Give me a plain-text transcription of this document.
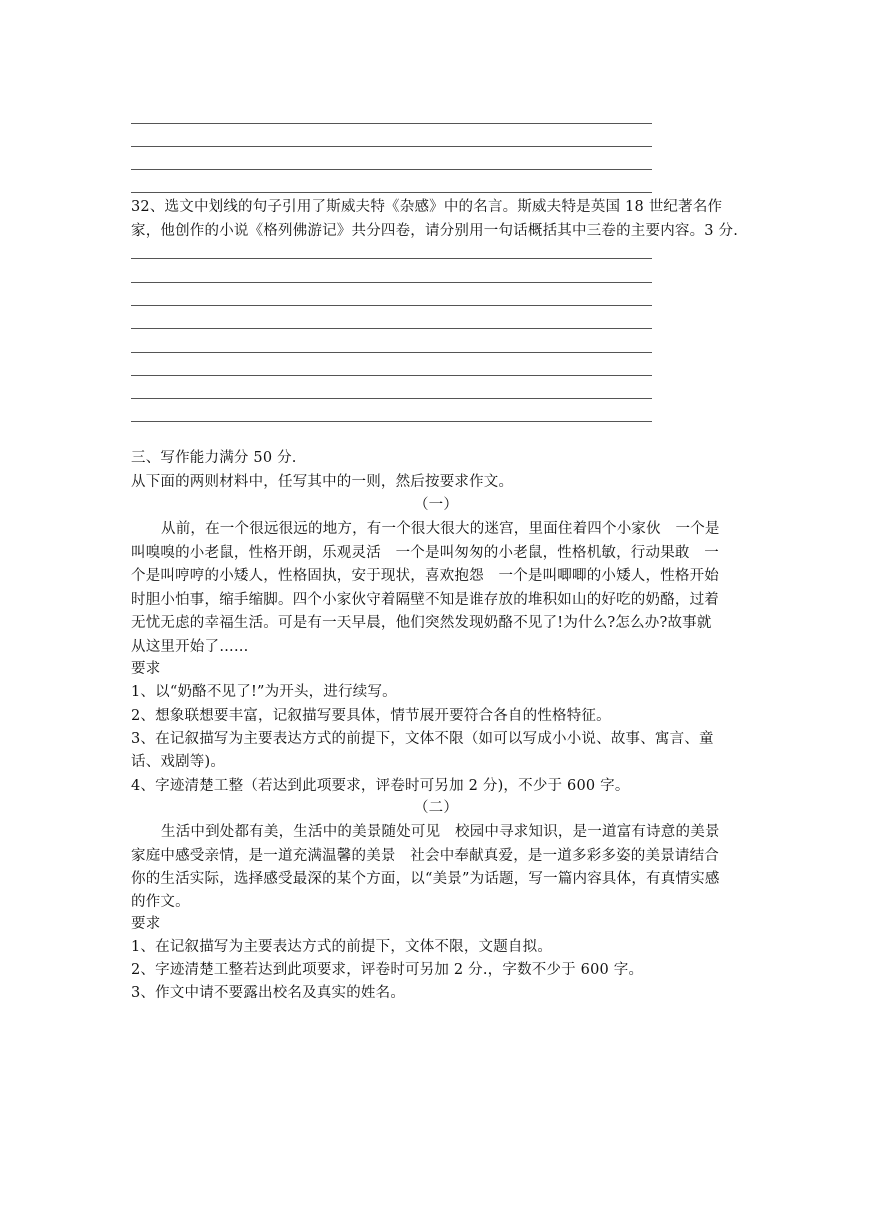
32、选文中划线的句子引用了斯威夫特《杂感》中的名言。斯威夫特是英国 18 世纪著名作
家，他创作的小说《格列佛游记》共分四卷，请分别用一句话概括其中三卷的主要内容。3 分.
三、写作能力满分 50 分.
从下面的两则材料中，任写其中的一则，然后按要求作文。
（一）
从前，在一个很远很远的地方，有一个很大很大的迷宫，里面住着四个小家伙　一个是
叫嗅嗅的小老鼠，性格开朗，乐观灵活　一个是叫匆匆的小老鼠，性格机敏，行动果敢　一
个是叫哼哼的小矮人，性格固执，安于现状，喜欢抱怨　一个是叫唧唧的小矮人，性格开始
时胆小怕事，缩手缩脚。四个小家伙守着隔壁不知是谁存放的堆积如山的好吃的奶酪，过着
无忧无虑的幸福生活。可是有一天早晨，他们突然发现奶酪不见了!为什么?怎么办?故事就
从这里开始了……
要求
1、以“奶酪不见了!”为开头，进行续写。
2、想象联想要丰富，记叙描写要具体，情节展开要符合各自的性格特征。
3、在记叙描写为主要表达方式的前提下，文体不限（如可以写成小小说、故事、寓言、童
话、戏剧等)。
4、字迹清楚工整（若达到此项要求，评卷时可另加 2 分)，不少于 600 字。
（二）
生活中到处都有美，生活中的美景随处可见　校园中寻求知识，是一道富有诗意的美景
家庭中感受亲情，是一道充满温馨的美景　社会中奉献真爱，是一道多彩多姿的美景请结合
你的生活实际，选择感受最深的某个方面，以“美景”为话题，写一篇内容具体，有真情实感
的作文。
要求
1、在记叙描写为主要表达方式的前提下，文体不限，文题自拟。
2、字迹清楚工整若达到此项要求，评卷时可另加 2 分.，字数不少于 600 字。
3、作文中请不要露出校名及真实的姓名。
